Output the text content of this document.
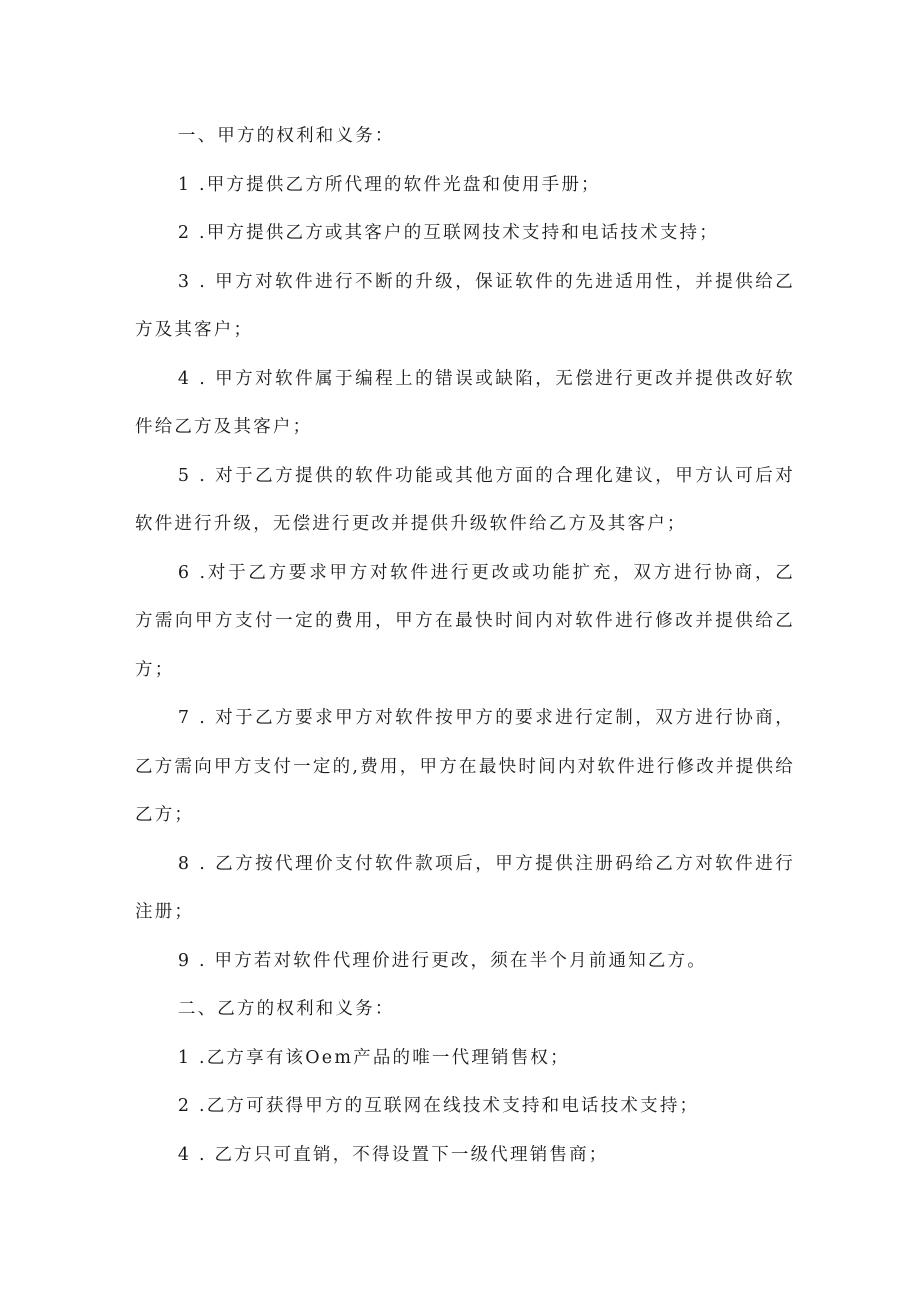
一、甲方的权利和义务：

1 .甲方提供乙方所代理的软件光盘和使用手册；

2 .甲方提供乙方或其客户的互联网技术支持和电话技术支持；

3 . 甲方对软件进行不断的升级，保证软件的先进适用性，并提供给乙方及其客户；

4 . 甲方对软件属于编程上的错误或缺陷，无偿进行更改并提供改好软件给乙方及其客户；

5 . 对于乙方提供的软件功能或其他方面的合理化建议，甲方认可后对软件进行升级，无偿进行更改并提供升级软件给乙方及其客户；

6 .对于乙方要求甲方对软件进行更改或功能扩充，双方进行协商，乙方需向甲方支付一定的费用，甲方在最快时间内对软件进行修改并提供给乙方；

7 . 对于乙方要求甲方对软件按甲方的要求进行定制，双方进行协商，乙方需向甲方支付一定的,费用，甲方在最快时间内对软件进行修改并提供给乙方；

8 . 乙方按代理价支付软件款项后，甲方提供注册码给乙方对软件进行注册；

9 . 甲方若对软件代理价进行更改，须在半个月前通知乙方。

二、乙方的权利和义务：

1 .乙方享有该Oem产品的唯一代理销售权；

2 .乙方可获得甲方的互联网在线技术支持和电话技术支持；

4 . 乙方只可直销，不得设置下一级代理销售商；
